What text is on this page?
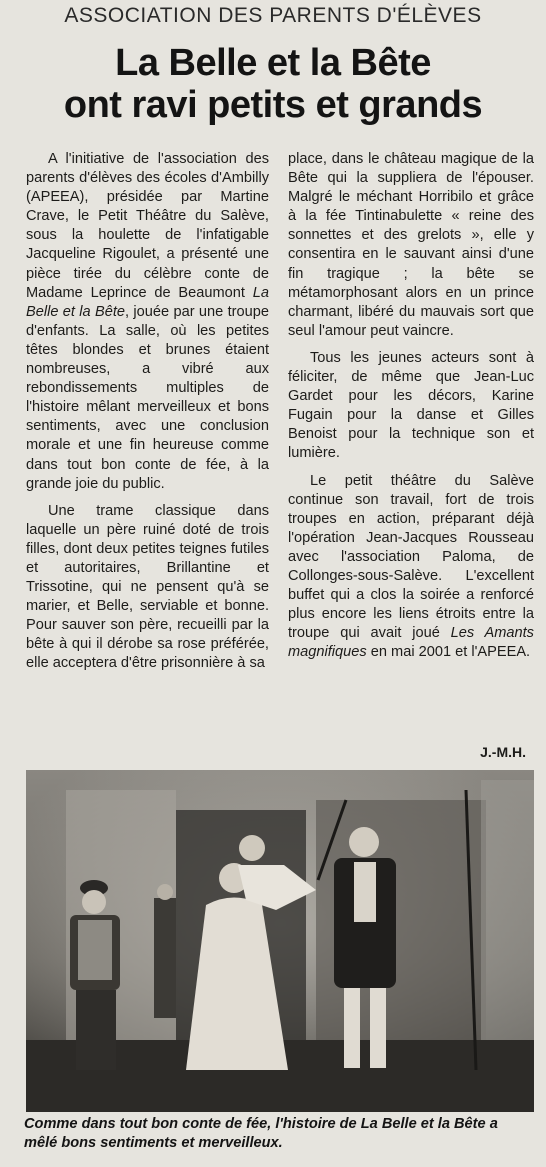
ASSOCIATION DES PARENTS D'ÉLÈVES
La Belle et la Bête
ont ravi petits et grands

A l'initiative de l'association des parents d'élèves des écoles d'Ambilly (APEEA), présidée par Martine Crave, le Petit Théâtre du Salève, sous la houlette de l'infatigable Jacqueline Rigoulet, a présenté une pièce tirée du célèbre conte de Madame Leprince de Beaumont La Belle et la Bête, jouée par une troupe d'enfants. La salle, où les petites têtes blondes et brunes étaient nombreuses, a vibré aux rebondissements multiples de l'histoire mêlant merveilleux et bons sentiments, avec une conclusion morale et une fin heureuse comme dans tout bon conte de fée, à la grande joie du public.

Une trame classique dans laquelle un père ruiné doté de trois filles, dont deux petites teignes futiles et autoritaires, Brillantine et Trissotine, qui ne pensent qu'à se marier, et Belle, serviable et bonne. Pour sauver son père, recueilli par la bête à qui il dérobe sa rose préférée, elle acceptera d'être prisonnière à sa

place, dans le château magique de la Bête qui la suppliera de l'épouser. Malgré le méchant Horribilo et grâce à la fée Tintinabulette « reine des sonnettes et des grelots », elle y consentira en le sauvant ainsi d'une fin tragique ; la bête se métamorphosant alors en un prince charmant, libéré du mauvais sort que seul l'amour peut vaincre.

Tous les jeunes acteurs sont à féliciter, de même que Jean-Luc Gardet pour les décors, Karine Fugain pour la danse et Gilles Benoist pour la technique son et lumière.

Le petit théâtre du Salève continue son travail, fort de trois troupes en action, préparant déjà l'opération Jean-Jacques Rousseau avec l'association Paloma, de Collonges-sous-Salève. L'excellent buffet qui a clos la soirée a renforcé plus encore les liens étroits entre la troupe qui avait joué Les Amants magnifiques en mai 2001 et l'APEEA.

J.-M.H.
Comme dans tout bon conte de fée, l'histoire de La Belle et la Bête a mêlé bons sentiments et merveilleux.
